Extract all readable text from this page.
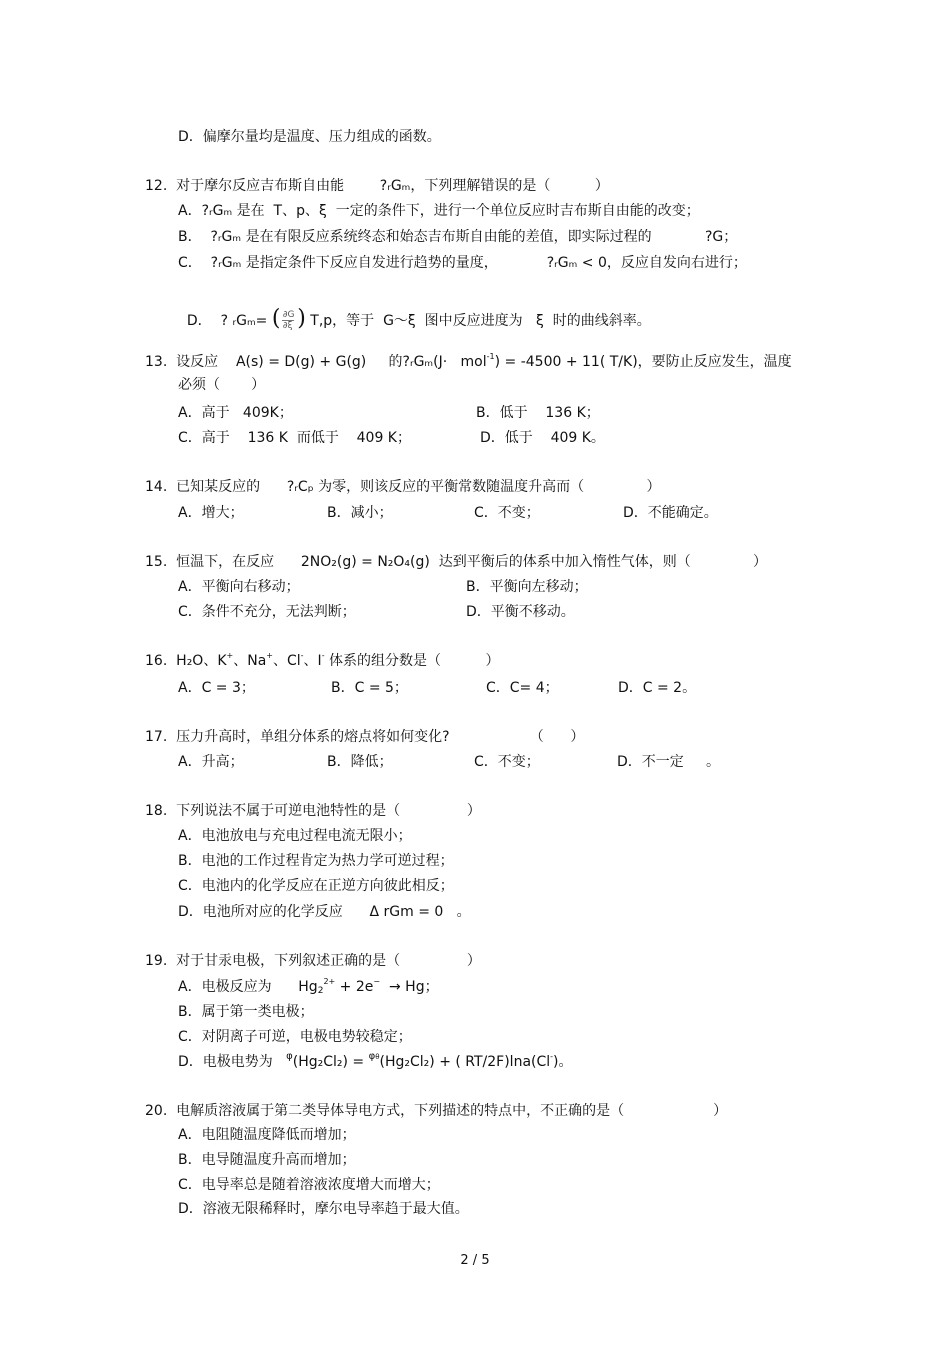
D．偏摩尔量均是温度、压力组成的函数。
12.  对于摩尔反应吉布斯自由能        ?ᵣGₘ，下列理解错误的是（          ）
A．?ᵣGₘ 是在  T、p、ξ  一定的条件下，进行一个单位反应时吉布斯自由能的改变；
B．  ?ᵣGₘ 是在有限反应系统终态和始态吉布斯自由能的差值，即实际过程的            ?G；
C．  ?ᵣGₘ 是指定条件下反应自发进行趋势的量度，           ?ᵣGₘ < 0，反应自发向右进行；

D．  ? ᵣGₘ= ( ∂G
∂ξ ) T,p，等于  G～ξ  图中反应进度为   ξ  时的曲线斜率。

13.  设反应    A(s) = D(g) + G(g)     的?ᵣGₘ(J·   mol$^{-1}$) = -4500 + 11( T/K)，要防止反应发生，温度
必须（       ）
A．高于   409K；	B．低于    136 K；
C．高于    136 K  而低于    409 K；	D．低于    409 K。
14.  已知某反应的      ?ᵣCₚ 为零，则该反应的平衡常数随温度升高而（              ）
A．增大；	B．减小；	C．不变；	D．不能确定。
15.  恒温下，在反应      2NO₂(g) = N₂O₄(g)  达到平衡后的体系中加入惰性气体，则（              ）
A．平衡向右移动；	B．平衡向左移动；
C．条件不充分，无法判断；	D．平衡不移动。
16.  H₂O、K+、Na+、Cl-、I- 体系的组分数是（          ）
A．C = 3；	B．C = 5；	C．C= 4；	D．C = 2。
17.  压力升高时，单组分体系的熔点将如何变化?                  （      ）
A．升高；	B．降低；	C．不变；	D．不一定     。
18.  下列说法不属于可逆电池特性的是（               ）
A．电池放电与充电过程电流无限小；
B．电池的工作过程肯定为热力学可逆过程；
C．电池内的化学反应在正逆方向彼此相反；
D．电池所对应的化学反应      Δ rGm = 0   。
19.  对于甘汞电极，下列叙述正确的是（               ）
A．电极反应为      $Hg_2^{2+} + 2e^- \to Hg$；
B．属于第一类电极；
C．对阴离子可逆，电极电势较稳定；
D．电极电势为   $^\varphi$(Hg₂Cl₂) = $^{\varphi\theta}$(Hg₂Cl₂) + ( RT/2F)lna(Cl-)。
20.  电解质溶液属于第二类导体导电方式，下列描述的特点中，不正确的是（                    ）
A．电阻随温度降低而增加；
B．电导随温度升高而增加；
C．电导率总是随着溶液浓度增大而增大；
D．溶液无限稀释时，摩尔电导率趋于最大值。
2 / 5
